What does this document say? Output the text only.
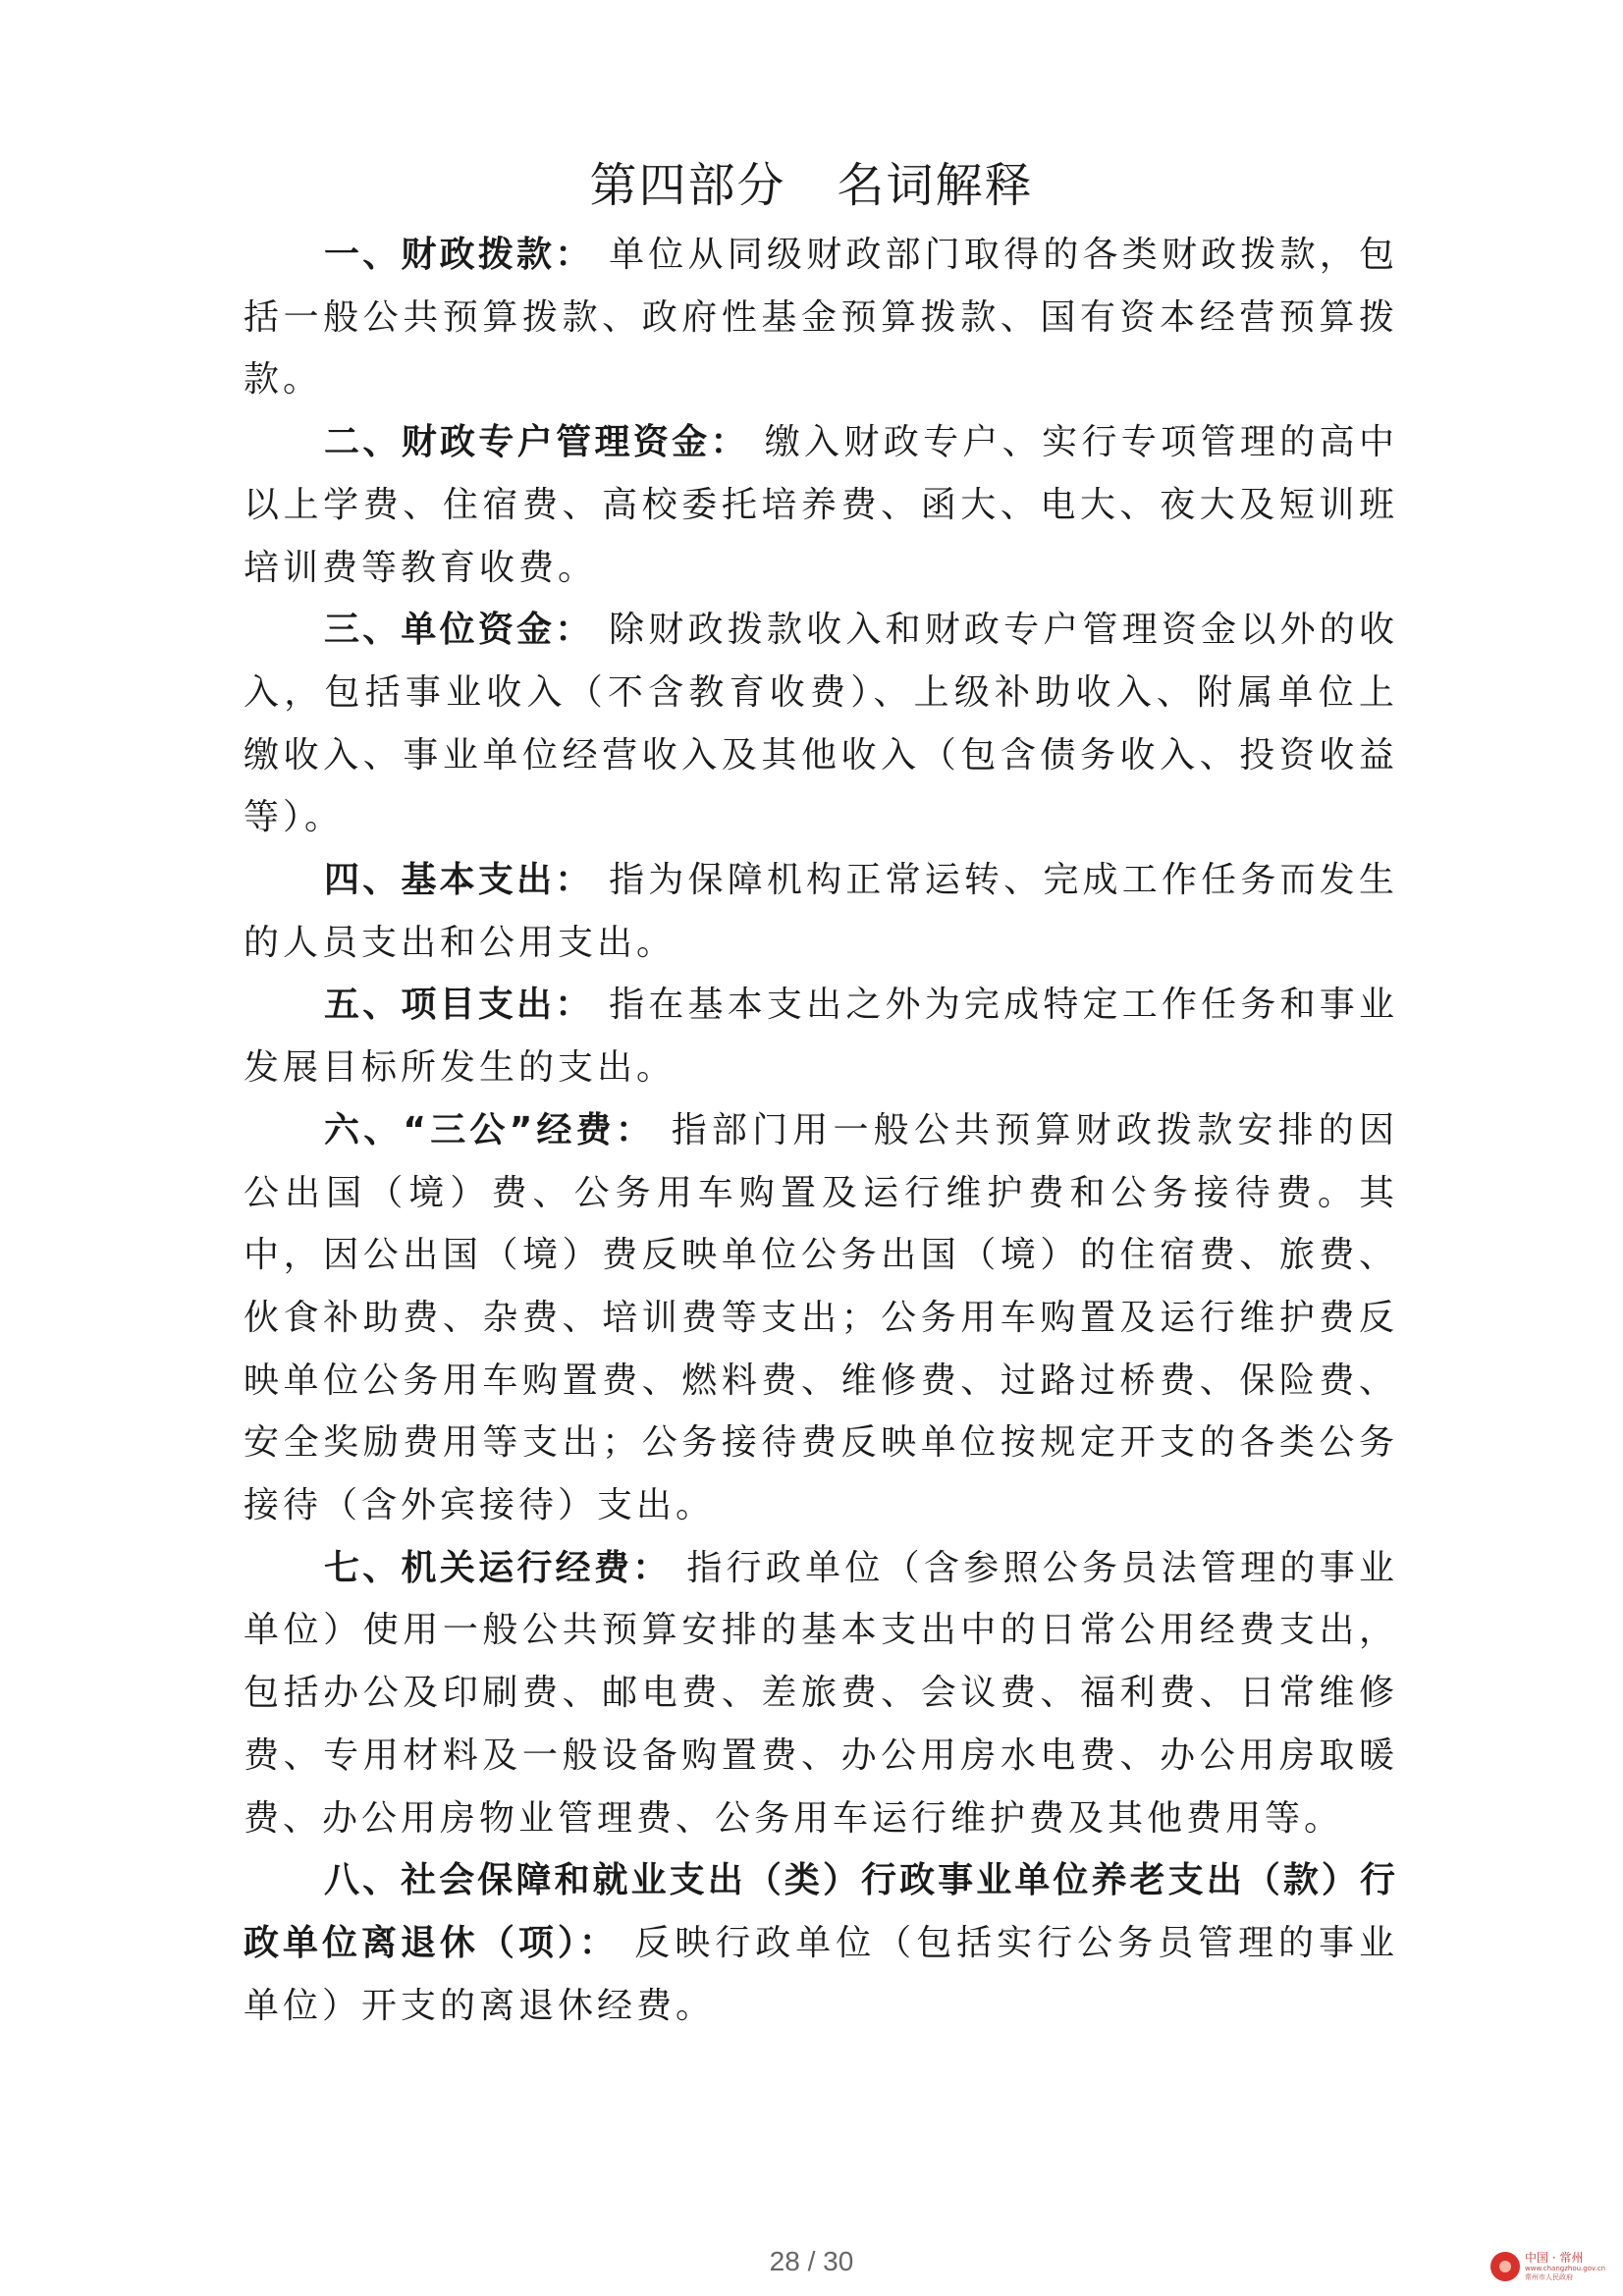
第四部分 名词解释

一、财政拨款： 单位从同级财政部门取得的各类财政拨款，包括一般公共预算拨款、政府性基金预算拨款、国有资本经营预算拨款。

二、财政专户管理资金： 缴入财政专户、实行专项管理的高中以上学费、住宿费、高校委托培养费、函大、电大、夜大及短训班培训费等教育收费。

三、单位资金： 除财政拨款收入和财政专户管理资金以外的收入，包括事业收入（不含教育收费）、上级补助收入、附属单位上缴收入、事业单位经营收入及其他收入（包含债务收入、投资收益等）。

四、基本支出： 指为保障机构正常运转、完成工作任务而发生的人员支出和公用支出。

五、项目支出： 指在基本支出之外为完成特定工作任务和事业发展目标所发生的支出。

六、“三公”经费： 指部门用一般公共预算财政拨款安排的因公出国（境）费、公务用车购置及运行维护费和公务接待费。其中，因公出国（境）费反映单位公务出国（境）的住宿费、旅费、伙食补助费、杂费、培训费等支出；公务用车购置及运行维护费反映单位公务用车购置费、燃料费、维修费、过路过桥费、保险费、安全奖励费用等支出；公务接待费反映单位按规定开支的各类公务接待（含外宾接待）支出。

七、机关运行经费： 指行政单位（含参照公务员法管理的事业单位）使用一般公共预算安排的基本支出中的日常公用经费支出，包括办公及印刷费、邮电费、差旅费、会议费、福利费、日常维修费、专用材料及一般设备购置费、办公用房水电费、办公用房取暖费、办公用房物业管理费、公务用车运行维护费及其他费用等。

八、社会保障和就业支出（类）行政事业单位养老支出（款）行政单位离退休（项）： 反映行政单位（包括实行公务员管理的事业单位）开支的离退休经费。

28 / 30	中国 · 常州
www.changzhou.gov.cn
常州市人民政府
